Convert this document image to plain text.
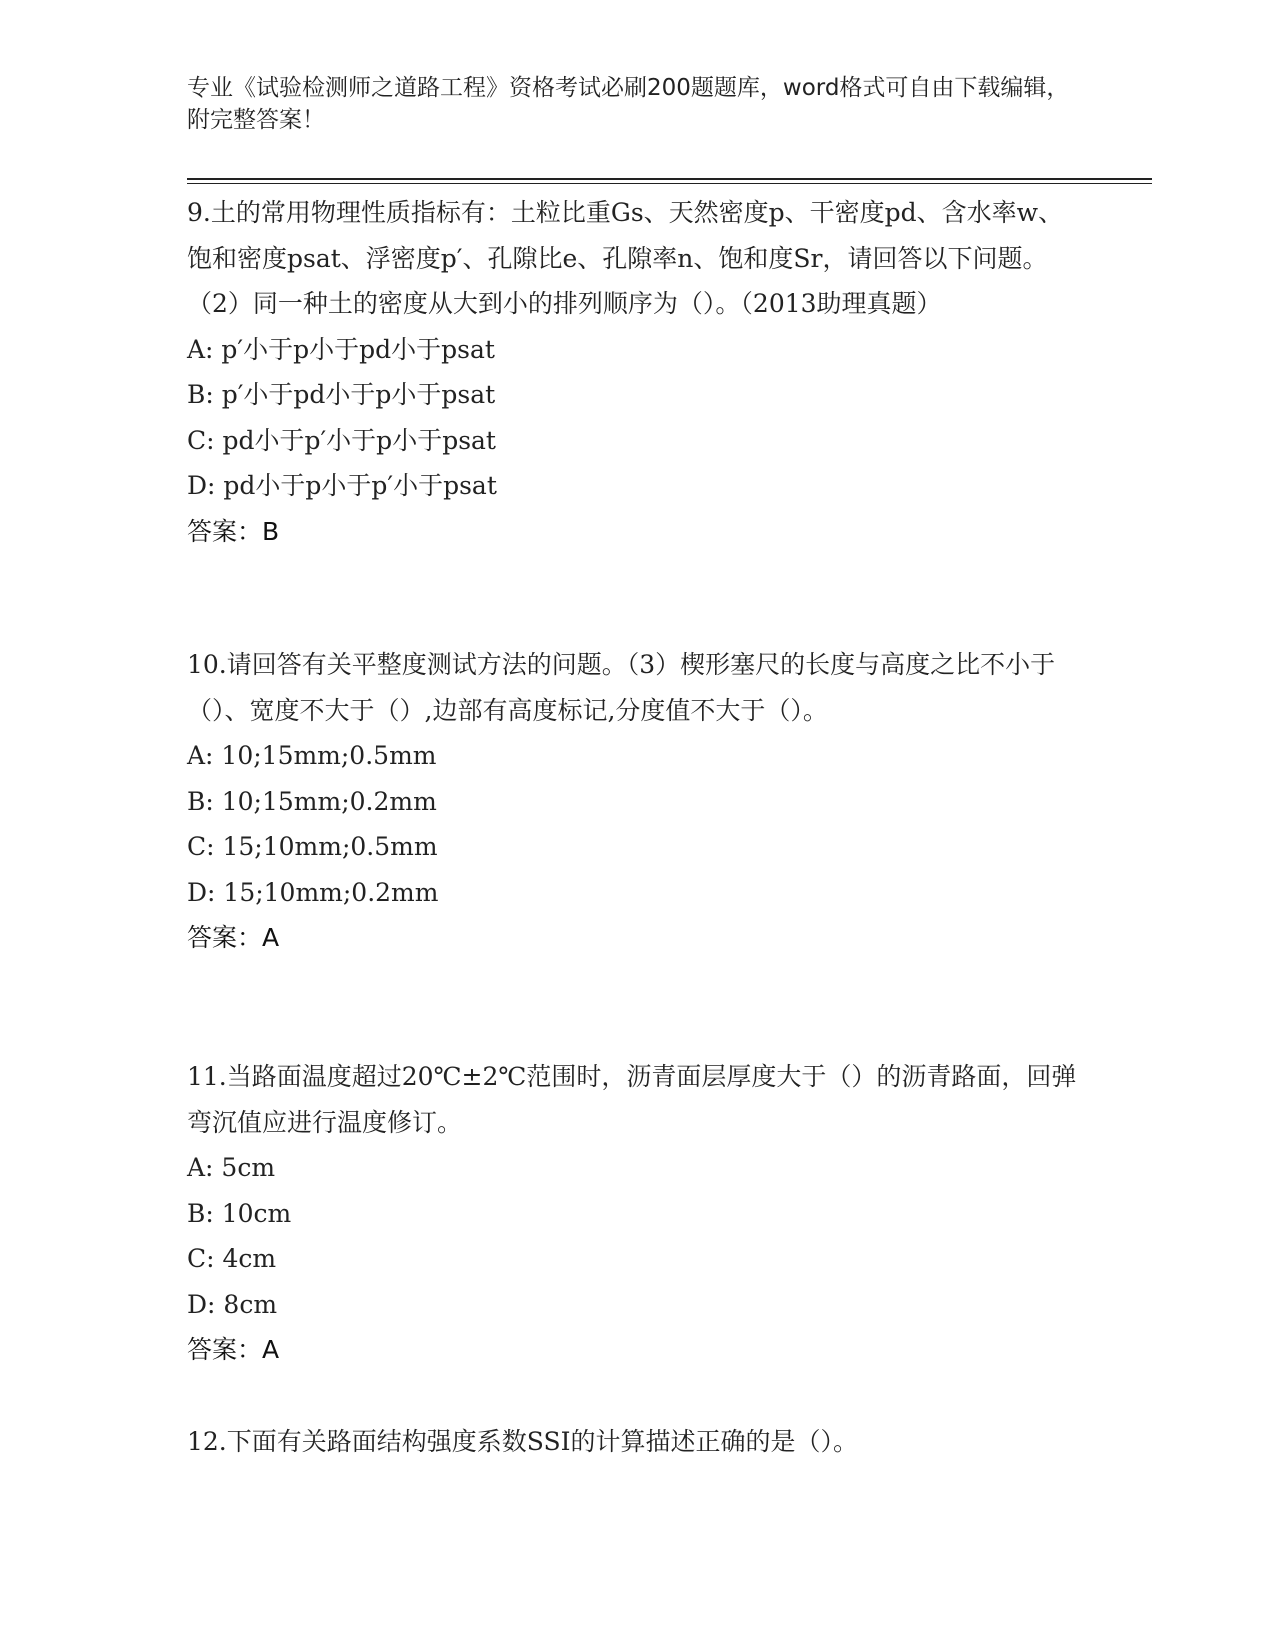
专业《试验检测师之道路工程》资格考试必刷200题题库，word格式可自由下载编辑，附完整答案！
9.土的常用物理性质指标有：土粒比重Gs、天然密度p、干密度pd、含水率w、饱和密度psat、浮密度p′、孔隙比e、孔隙率n、饱和度Sr，请回答以下问题。（2）同一种土的密度从大到小的排列顺序为（）。（2013助理真题）
A: p′小于p小于pd小于psat
B: p′小于pd小于p小于psat
C: pd小于p′小于p小于psat
D: pd小于p小于p′小于psat
答案：B
10.请回答有关平整度测试方法的问题。（3）楔形塞尺的长度与高度之比不小于（）、宽度不大于（）,边部有高度标记,分度值不大于（）。
A: 10;15mm;0.5mm
B: 10;15mm;0.2mm
C: 15;10mm;0.5mm
D: 15;10mm;0.2mm
答案：A
11.当路面温度超过20℃±2℃范围时，沥青面层厚度大于（）的沥青路面，回弹弯沉值应进行温度修订。
A: 5cm
B: 10cm
C: 4cm
D: 8cm
答案：A
12.下面有关路面结构强度系数SSI的计算描述正确的是（）。
